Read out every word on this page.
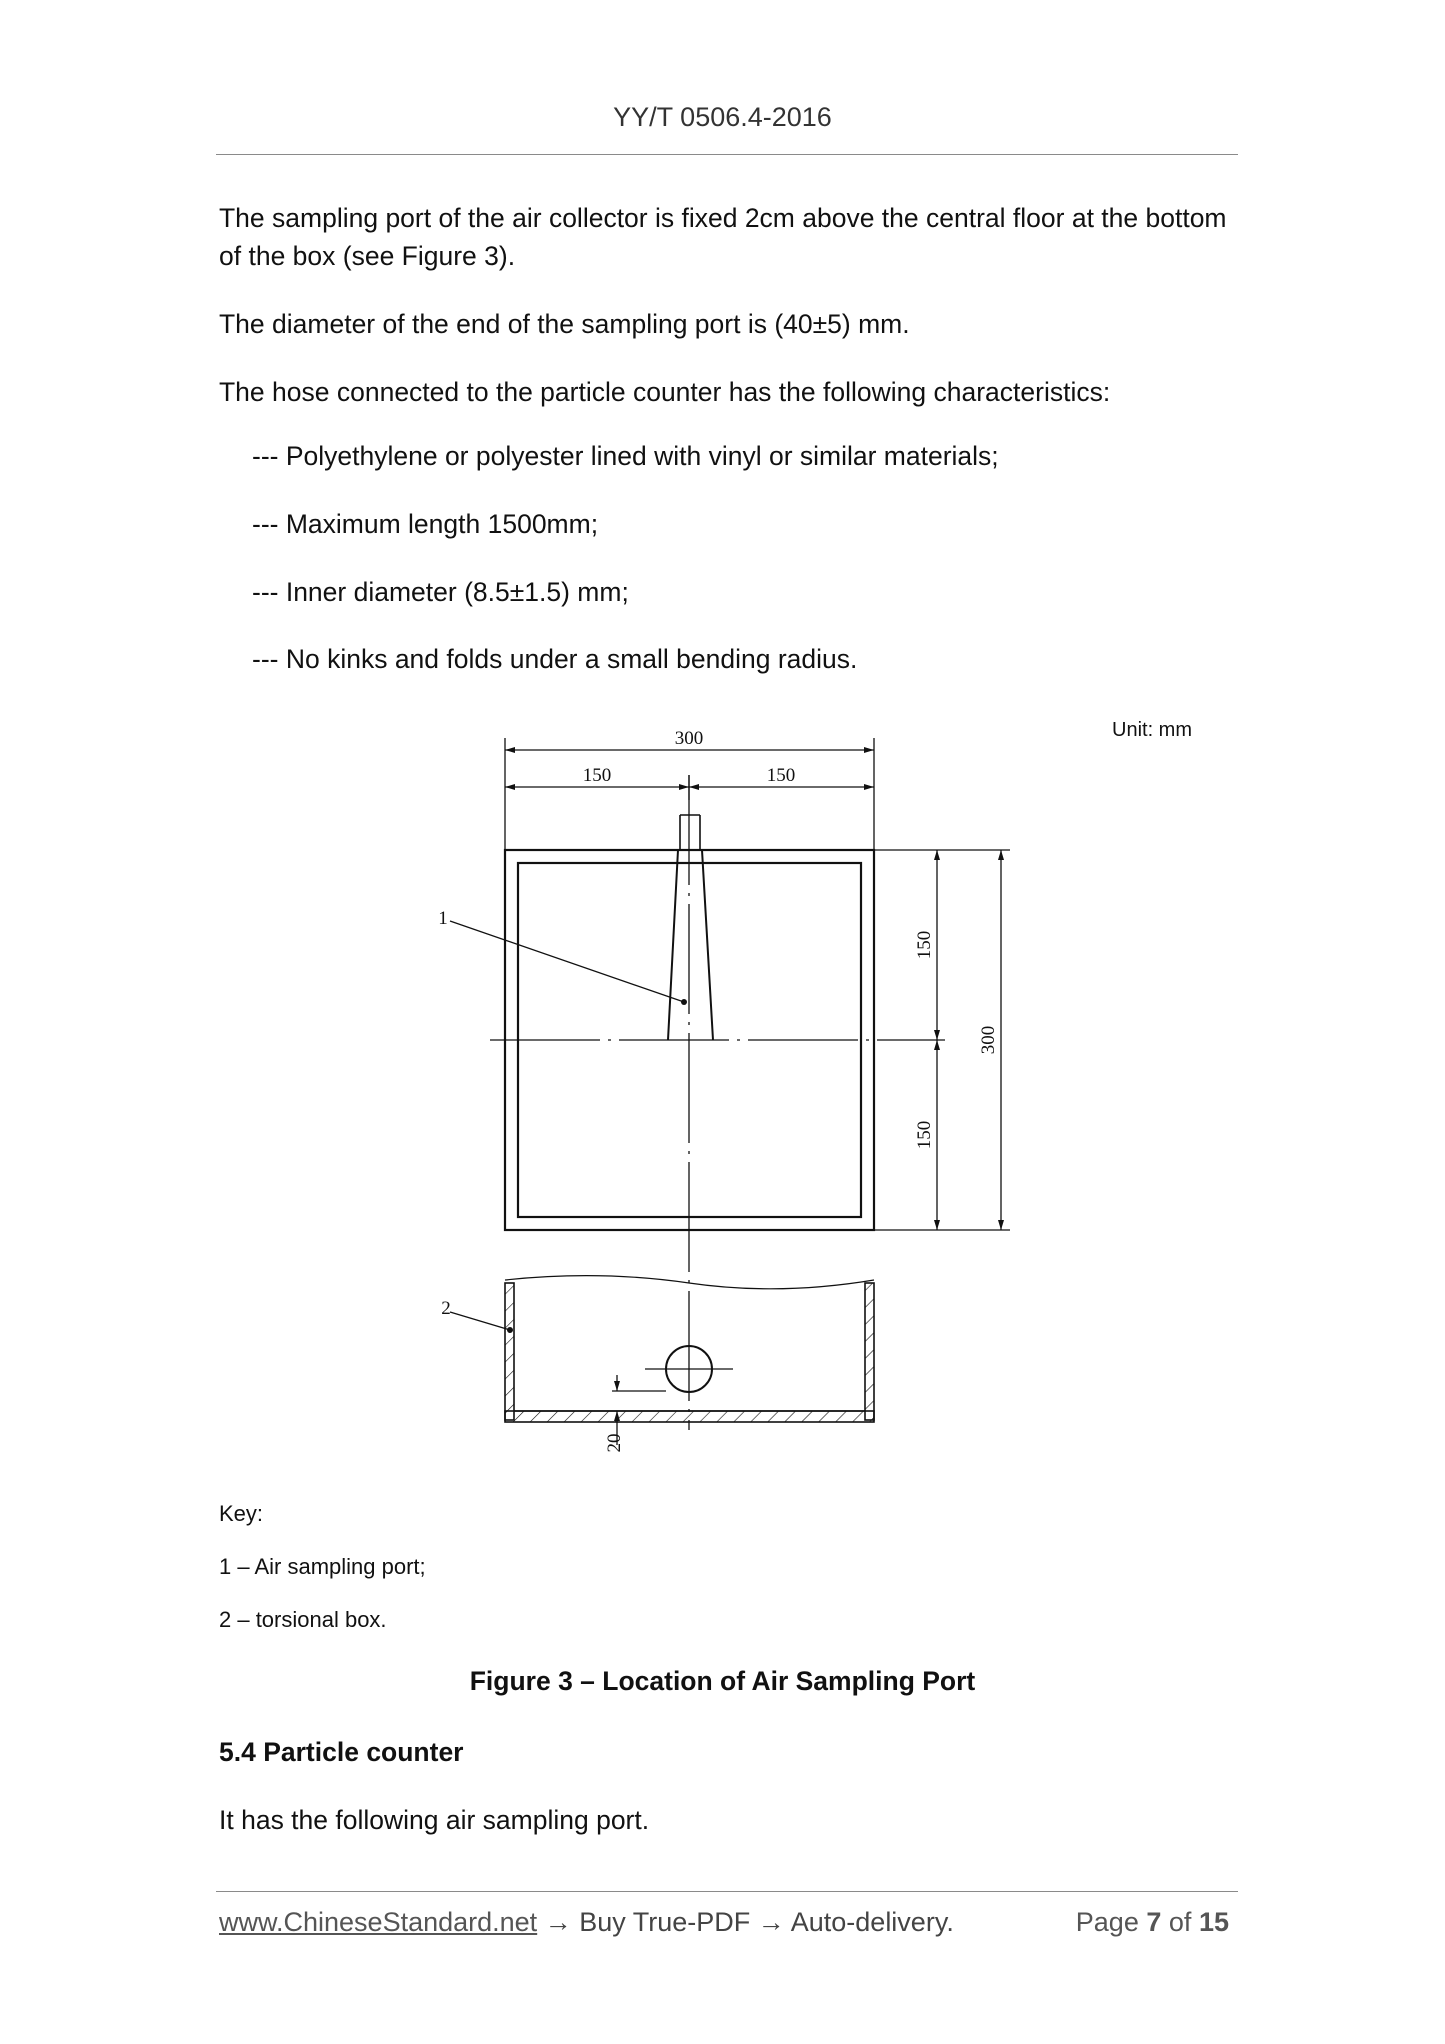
YY/T 0506.4-2016

The sampling port of the air collector is fixed 2cm above the central floor at the bottom of the box (see Figure 3).

The diameter of the end of the sampling port is (40±5) mm.

The hose connected to the particle counter has the following characteristics:

--- Polyethylene or polyester lined with vinyl or similar materials;

--- Maximum length 1500mm;

--- Inner diameter (8.5±1.5) mm;

--- No kinks and folds under a small bending radius.

Unit: mm
300
150	150
150
150
300
20
1
2
Key:
1 – Air sampling port;
2 – torsional box.
Figure 3 – Location of Air Sampling Port
5.4 Particle counter
It has the following air sampling port.
www.ChineseStandard.net → Buy True-PDF → Auto-delivery.	Page 7 of 15
